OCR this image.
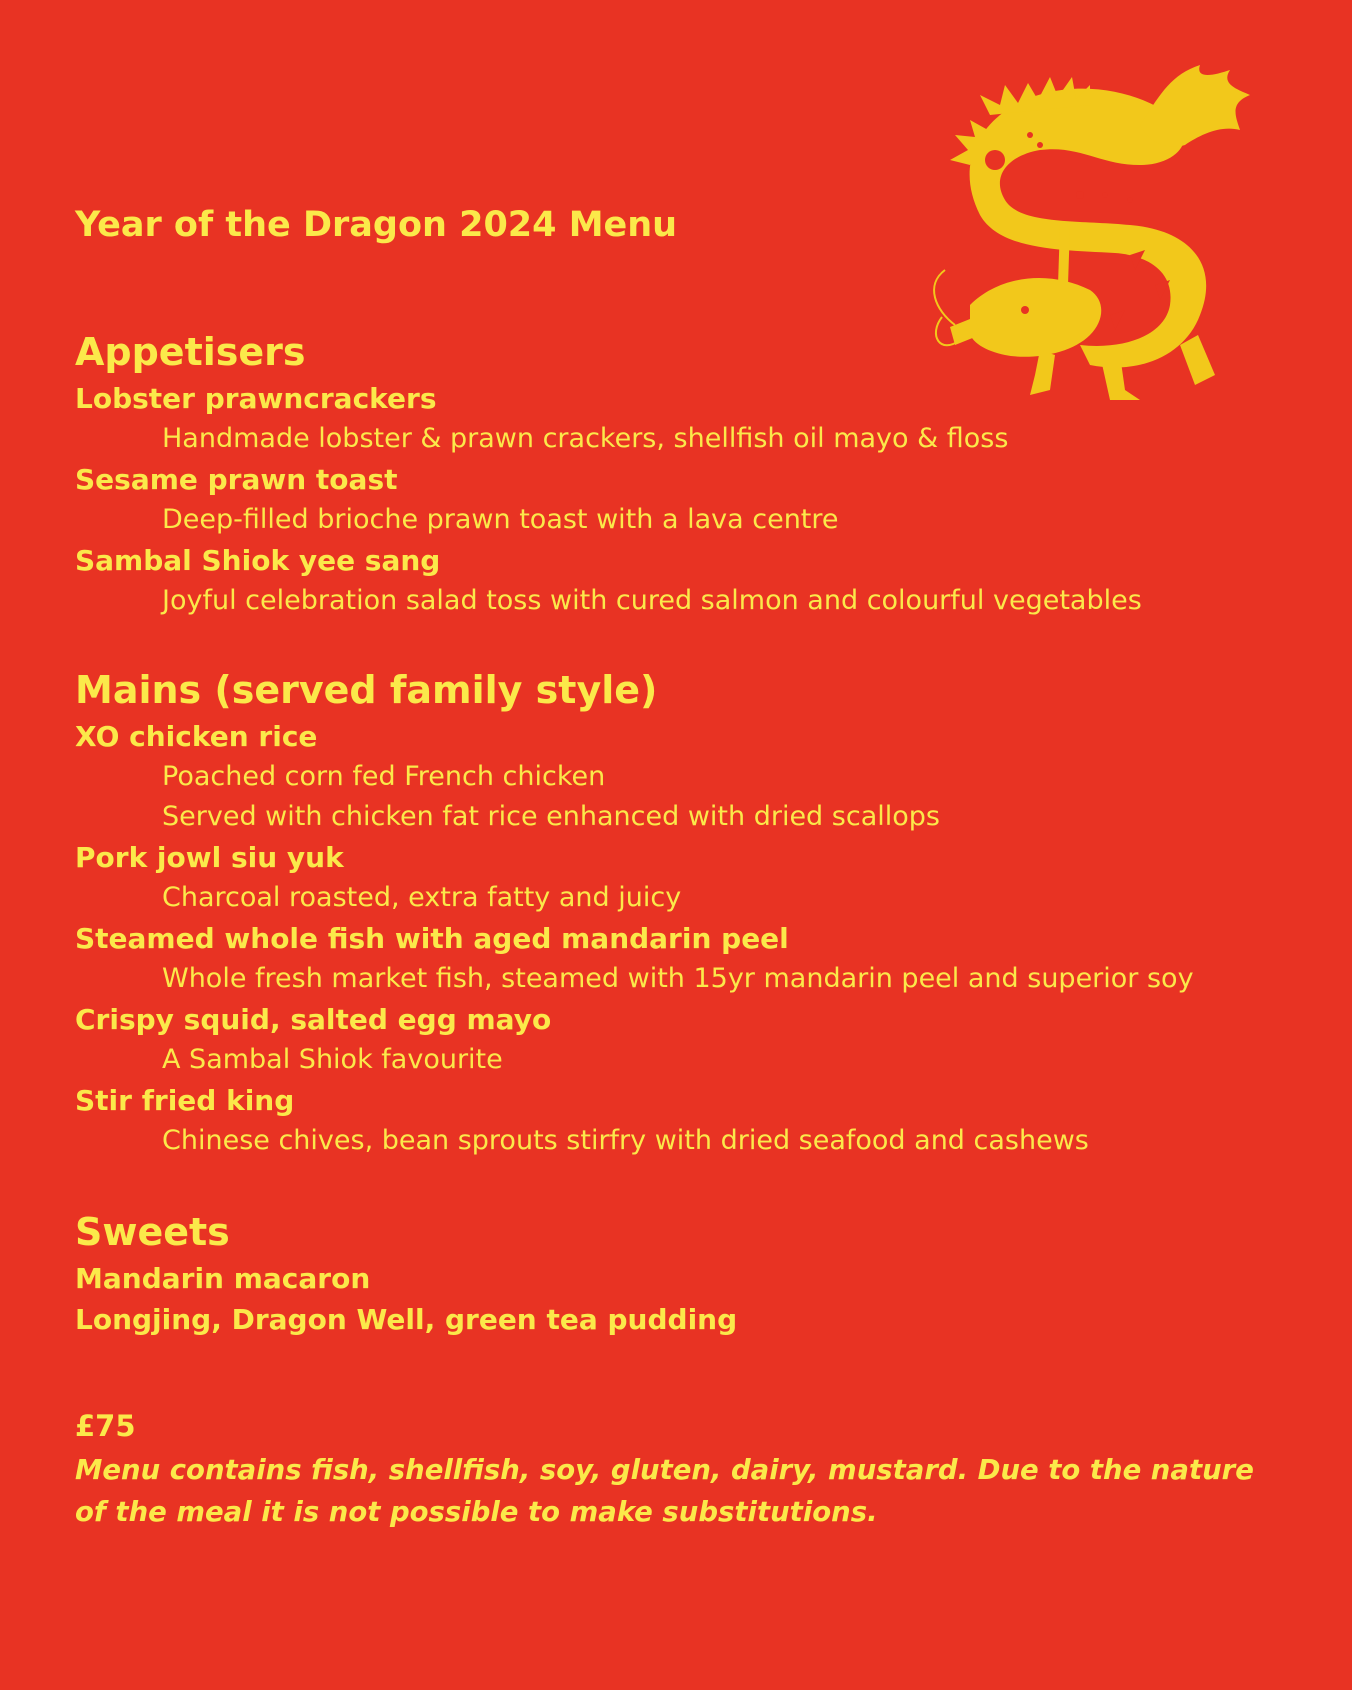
Year of the Dragon 2024 Menu
Appetisers
Lobster prawncrackers
Handmade lobster & prawn crackers, shellfish oil mayo & floss
Sesame prawn toast
Deep-filled brioche prawn toast with a lava centre
Sambal Shiok yee sang
Joyful celebration salad toss with cured salmon and colourful vegetables
Mains (served family style)
XO chicken rice
Poached corn fed French chicken
Served with chicken fat rice enhanced with dried scallops
Pork jowl siu yuk
Charcoal roasted, extra fatty and juicy
Steamed whole fish with aged mandarin peel
Whole fresh market fish, steamed with 15yr mandarin peel and superior soy
Crispy squid, salted egg mayo
A Sambal Shiok favourite
Stir fried king
Chinese chives, bean sprouts stirfry with dried seafood and cashews
Sweets
Mandarin macaron
Longjing, Dragon Well, green tea pudding
£75
Menu contains fish, shellfish, soy, gluten, dairy, mustard. Due to the nature of the meal it is not possible to make substitutions.
